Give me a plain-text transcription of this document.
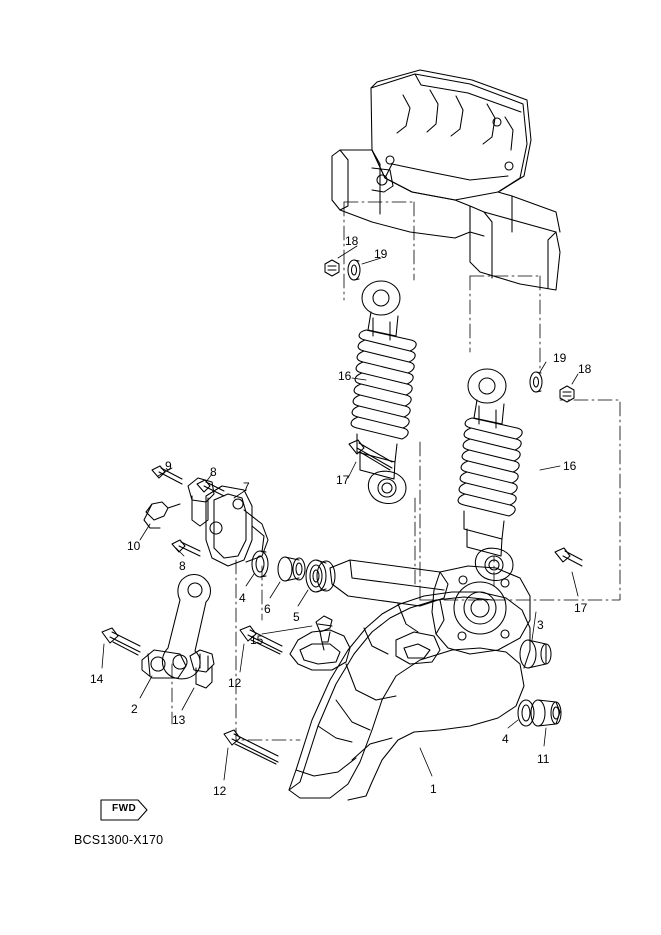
FWD
18
19
19
18
16
16
17
17
9	8
7
10
8
4
6
5
3
15
14	12
2
13
4
11
12	1
BCS1300-X170
